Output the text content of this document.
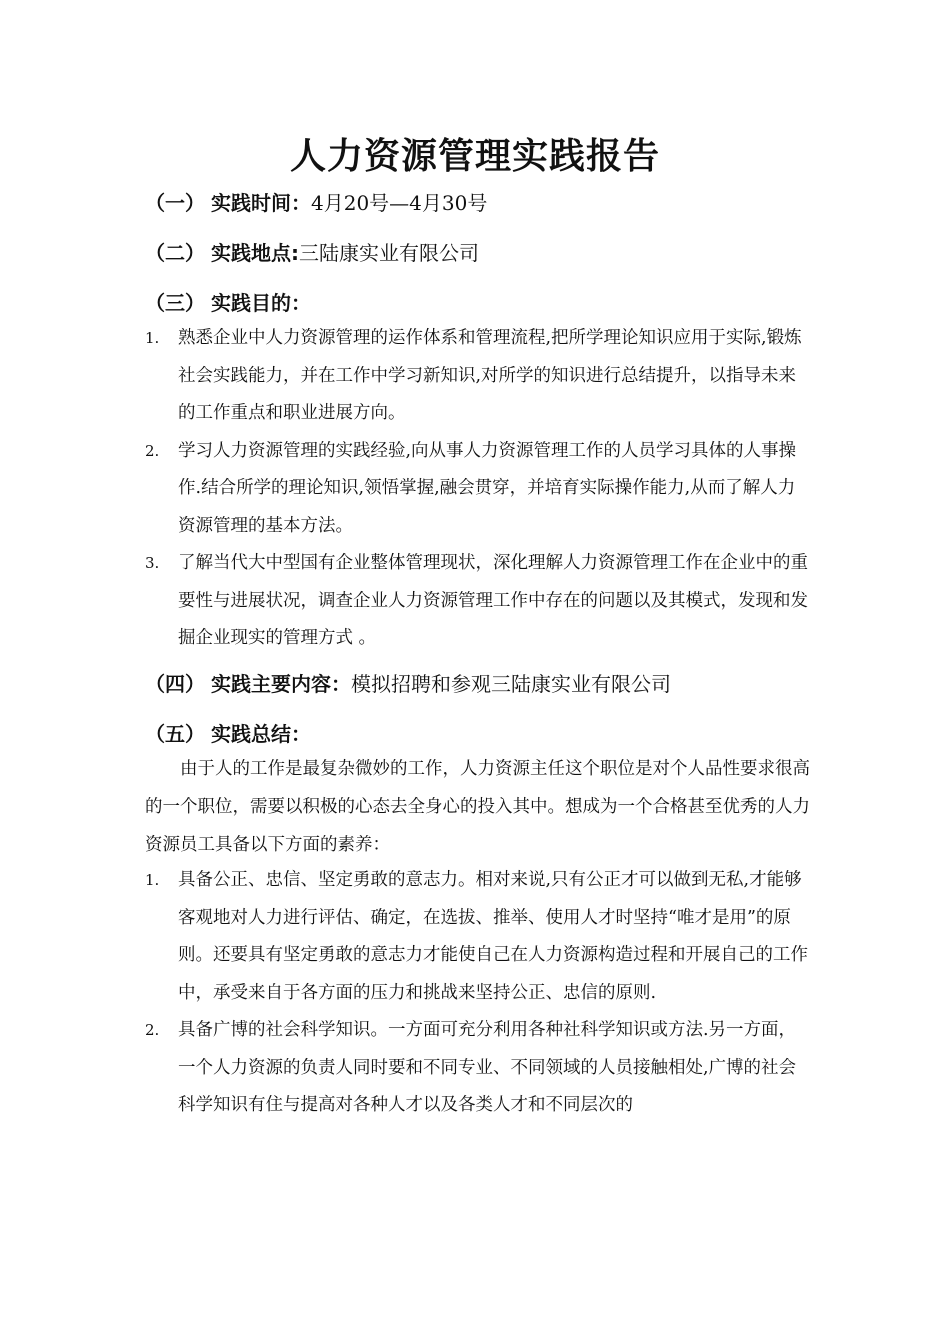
人力资源管理实践报告
（一） 实践时间：4月20号—4月30号
（二） 实践地点:三陆康实业有限公司
（三） 实践目的：
1. 熟悉企业中人力资源管理的运作体系和管理流程,把所学理论知识应用于实际,锻炼社会实践能力，并在工作中学习新知识,对所学的知识进行总结提升，以指导未来的工作重点和职业进展方向。
2. 学习人力资源管理的实践经验,向从事人力资源管理工作的人员学习具体的人事操作.结合所学的理论知识,领悟掌握,融会贯穿，并培育实际操作能力,从而了解人力资源管理的基本方法。
3. 了解当代大中型国有企业整体管理现状，深化理解人力资源管理工作在企业中的重要性与进展状况，调查企业人力资源管理工作中存在的问题以及其模式，发现和发掘企业现实的管理方式 。
（四） 实践主要内容：模拟招聘和参观三陆康实业有限公司
（五） 实践总结：

由于人的工作是最复杂微妙的工作，人力资源主任这个职位是对个人品性要求很高的一个职位，需要以积极的心态去全身心的投入其中。想成为一个合格甚至优秀的人力资源员工具备以下方面的素养：

1. 具备公正、忠信、坚定勇敢的意志力。相对来说,只有公正才可以做到无私,才能够客观地对人力进行评估、确定，在选拔、推举、使用人才时坚持“唯才是用”的原则。还要具有坚定勇敢的意志力才能使自己在人力资源构造过程和开展自己的工作中，承受来自于各方面的压力和挑战来坚持公正、忠信的原则.
2. 具备广博的社会科学知识。一方面可充分利用各种社科学知识或方法.另一方面，一个人力资源的负责人同时要和不同专业、不同领域的人员接触相处,广博的社会科学知识有住与提高对各种人才以及各类人才和不同层次的
